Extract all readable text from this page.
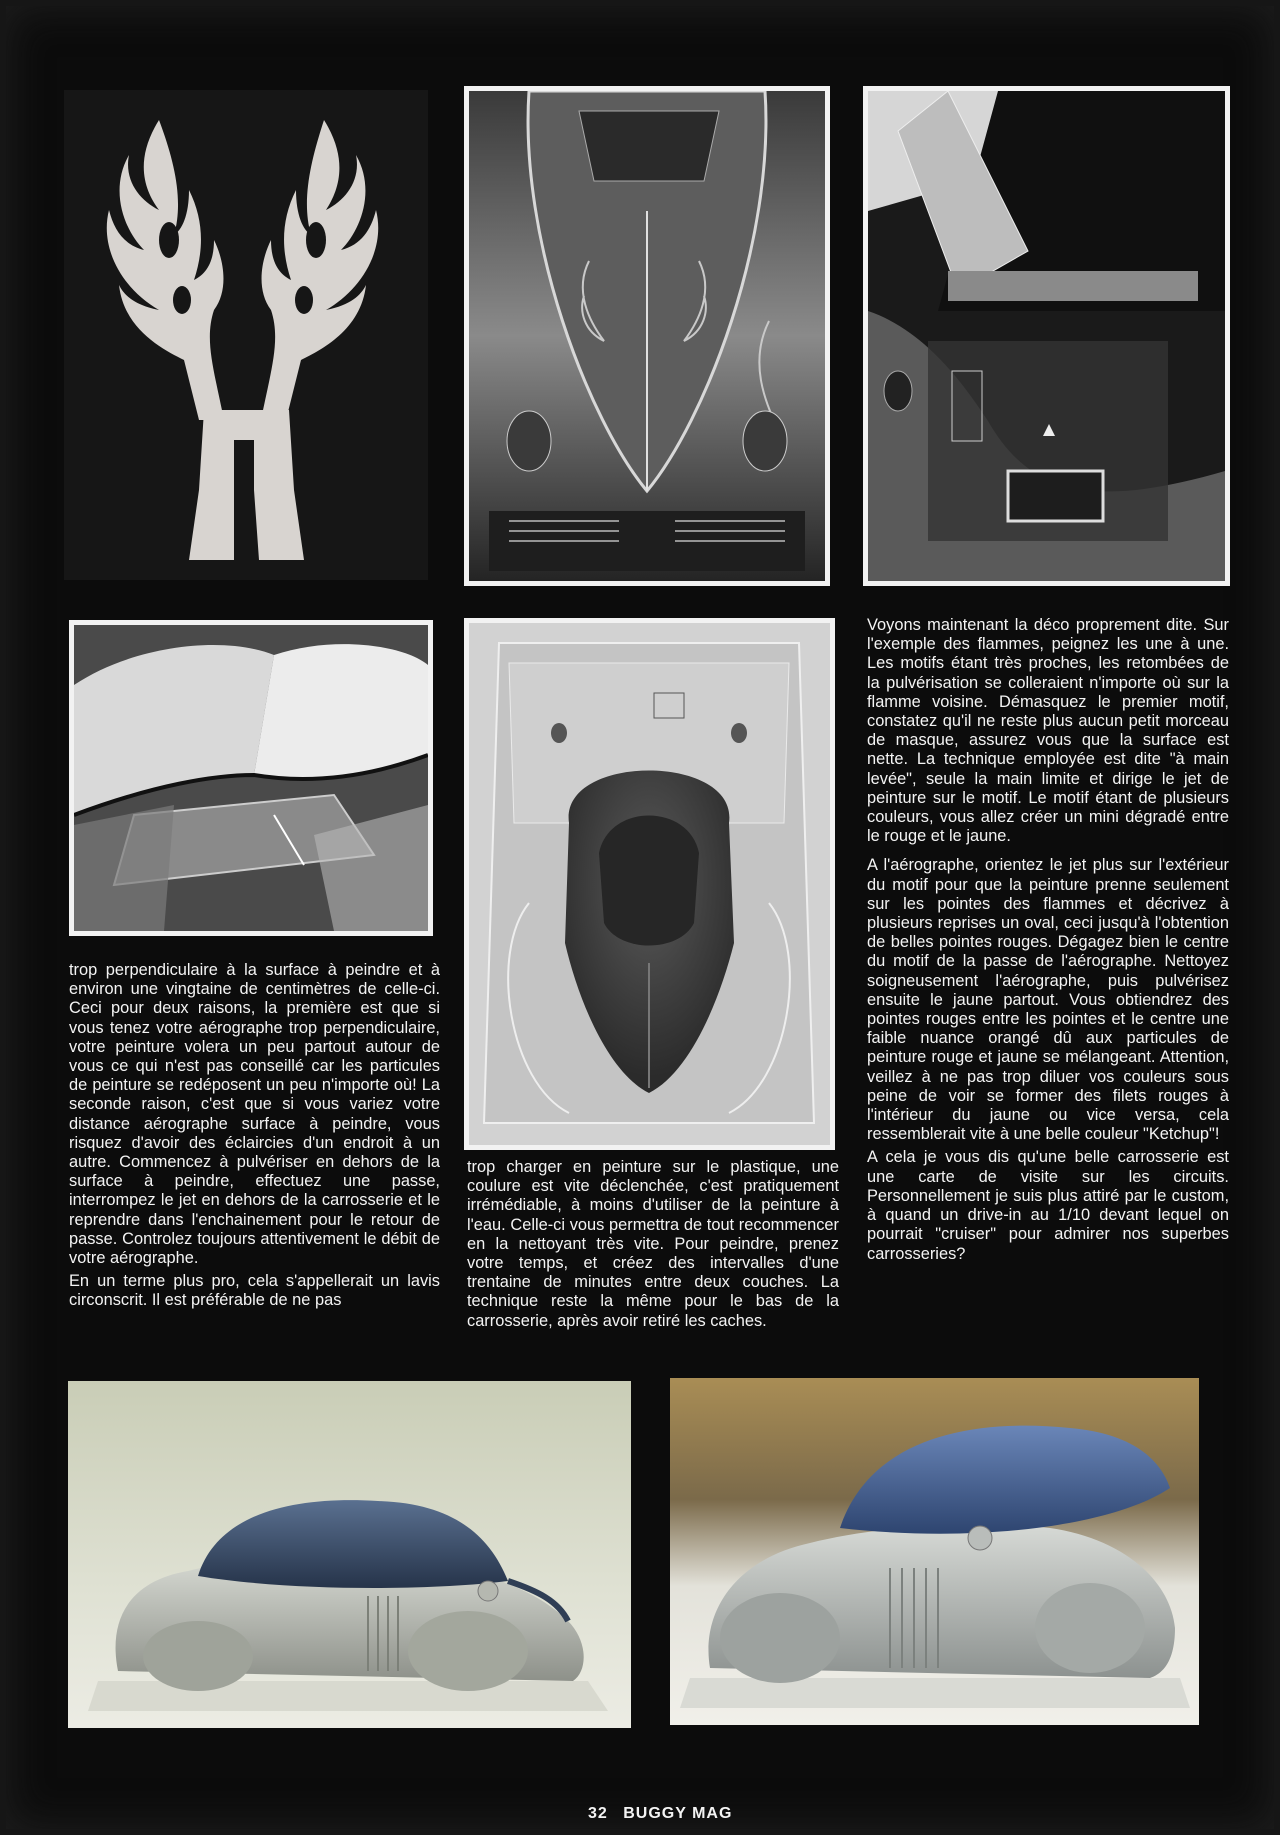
trop perpendiculaire à la surface à peindre et à environ une vingtaine de centimètres de celle-ci. Ceci pour deux raisons, la première est que si vous tenez votre aérographe trop perpendiculaire, votre peinture volera un peu partout autour de vous ce qui n'est pas conseillé car les particules de peinture se redéposent un peu n'importe où! La seconde raison, c'est que si vous variez votre distance aérographe surface à peindre, vous risquez d'avoir des éclaircies d'un endroit à un autre. Commencez à pulvériser en dehors de la surface à peindre, effectuez une passe, interrompez le jet en dehors de la carrosserie et le reprendre dans l'enchainement pour le retour de passe. Controlez toujours attentivement le débit de votre aérographe.

En un terme plus pro, cela s'appellerait un lavis circonscrit. Il est préférable de ne pas

trop charger en peinture sur le plastique, une coulure est vite déclenchée, c'est pratiquement irrémédiable, à moins d'utiliser de la peinture à l'eau. Celle-ci vous permettra de tout recommencer en la nettoyant très vite. Pour peindre, prenez votre temps, et créez des intervalles d'une trentaine de minutes entre deux couches. La technique reste la même pour le bas de la carrosserie, après avoir retiré les caches.

Voyons maintenant la déco proprement dite. Sur l'exemple des flammes, peignez les une à une. Les motifs étant très proches, les retombées de la pulvérisation se colleraient n'importe où sur la flamme voisine. Démasquez le premier motif, constatez qu'il ne reste plus aucun petit morceau de masque, assurez vous que la surface est nette. La technique employée est dite "à main levée", seule la main limite et dirige le jet de peinture sur le motif. Le motif étant de plusieurs couleurs, vous allez créer un mini dégradé entre le rouge et le jaune.

A l'aérographe, orientez le jet plus sur l'extérieur du motif pour que la peinture prenne seulement sur les pointes des flammes et décrivez à plusieurs reprises un oval, ceci jusqu'à l'obtention de belles pointes rouges. Dégagez bien le centre du motif de la passe de l'aérographe. Nettoyez soigneusement l'aérographe, puis pulvérisez ensuite le jaune partout. Vous obtiendrez des pointes rouges entre les pointes et le centre une faible nuance orangé dû aux particules de peinture rouge et jaune se mélangeant. Attention, veillez à ne pas trop diluer vos couleurs sous peine de voir se former des filets rouges à l'intérieur du jaune ou vice versa, cela ressemblerait vite à une belle couleur "Ketchup"!

A cela je vous dis qu'une belle carrosserie est une carte de visite sur les circuits. Personnellement je suis plus attiré par le custom, à quand un drive-in au 1/10 devant lequel on pourrait "cruiser" pour admirer nos superbes carrosseries?

32 BUGGY MAG
